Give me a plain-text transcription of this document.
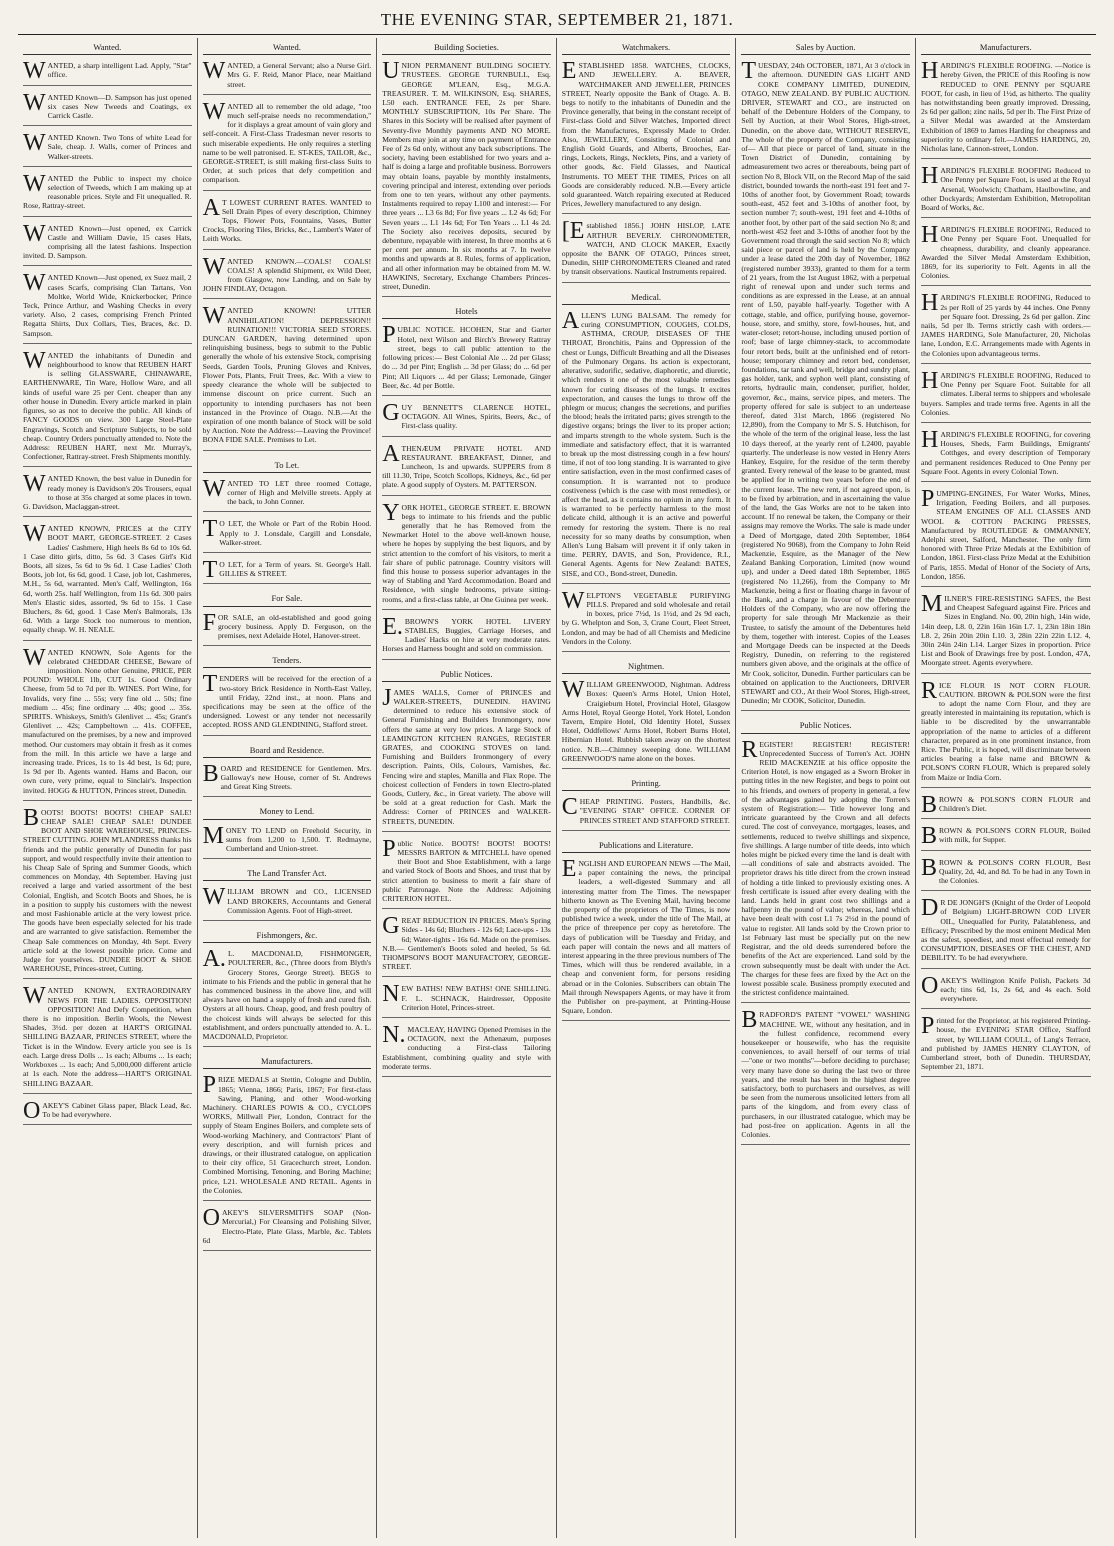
THE EVENING STAR, SEPTEMBER 21, 1871.
Wanted.
WANTED, a sharp intelligent Lad. Apply, "Star" office.
WANTED Known—D. Sampson has just opened six cases New Tweeds and Coatings, ex Carrick Castle.
WANTED Known. Two Tons of white Lead for Sale, cheap. J. Walls, corner of Princes and Walker-streets.
WANTED the Public to inspect my choice selection of Tweeds, which I am making up at reasonable prices. Style and Fit unequalled. R. Rose, Rattray-street.
WANTED Known—Just opened, ex Carrick Castle and William Davie, 15 cases Hats, comprising all the latest fashions. Inspection invited. D. Sampson.
WANTED Known—Just opened, ex Suez mail, 2 cases Scarfs, comprising Clan Tartans, Von Moltke, World Wide, Knickerbocker, Prince Teck, Prince Arthur, and Washing Checks in every variety. Also, 2 cases, comprising French Printed Regatta Shirts, Dux Collars, Ties, Braces, &c. D. Sampson.
WANTED the inhabitants of Dunedin and neighbourhood to know that REUBEN HART is selling GLASSWARE, CHINAWARE, EARTHENWARE, Tin Ware, Hollow Ware, and all kinds of useful ware 25 per Cent. cheaper than any other house in Dunedin. Every article marked in plain figures, so as not to deceive the public. All kinds of FANCY GOODS on view. 300 Large Steel-Plate Engravings, Scotch and Scripture Subjects, to be sold cheap. Country Orders punctually attended to. Note the Address: REUBEN HART, next Mr. Murray's, Confectioner, Rattray-street. Fresh Shipments monthly.
WANTED Known, the best value in Dunedin for ready money is Davidson's 20s Trousers, equal to those at 35s charged at some places in town. G. Davidson, Maclaggan-street.
WANTED KNOWN, PRICES at the CITY BOOT MART, GEORGE-STREET. 2 Cases Ladies' Cashmere, High heels 8s 6d to 10s 6d. 1 Case ditto girls, ditto, 5s 6d. 3 Cases Girl's Kid Boots, all sizes, 5s 6d to 9s 6d. 1 Case Ladies' Cloth Boots, job lot, 6s 6d, good. 1 Case, job lot, Cashmeres, M.H., 5s 6d, warranted. Men's Calf, Wellington, 16s 6d, worth 25s. half Wellington, from 11s 6d. 300 pairs Men's Elastic sides, assorted, 9s 6d to 15s. 1 Case Bluchers, 8s 6d, good. 1 Case Men's Balmorals, 13s 6d. With a large Stock too numerous to mention, equally cheap. W. H. NEALE.
WANTED KNOWN, Sole Agents for the celebrated CHEDDAR CHEESE, Beware of imposition. None other Genuine, PRICE, PER POUND: WHOLE 1lb, CUT 1s. Good Ordinary Cheese, from 5d to 7d per lb. WINES. Port Wine, for Invalids, very fine ... 55s; very fine old ... 50s; fine medium ... 45s; fine ordinary ... 40s; good ... 35s. SPIRITS. Whiskeys, Smith's Glenlivet ... 45s; Grant's Glenlivet ... 42s; Campbeltown ... 41s. COFFEE, manufactured on the premises, by a new and improved method. Our customers may obtain it fresh as it comes from the mill. In this article we have a large and increasing trade. Prices, 1s to 1s 4d best, 1s 6d; pure, 1s 9d per lb. Agents wanted. Hams and Bacon, our own cure, very prime, equal to Sinclair's. Inspection invited. HOGG & HUTTON, Princes street, Dunedin.
BOOTS! BOOTS! BOOTS! CHEAP SALE! CHEAP SALE! CHEAP SALE! DUNDEE BOOT AND SHOE WAREHOUSE, PRINCES-STREET CUTTING. JOHN M'LANDRESS thanks his friends and the public generally of Dunedin for past support, and would respectfully invite their attention to his Cheap Sale of Spring and Summer Goods, which commences on Monday, 4th September. Having just received a large and varied assortment of the best Colonial, English, and Scotch Boots and Shoes, he is in a position to supply his customers with the newest and most Fashionable article at the very lowest price. The goods have been especially selected for his trade and are warranted to give satisfaction. Remember the Cheap Sale commences on Monday, 4th Sept. Every article sold at the lowest possible price. Come and Judge for yourselves. DUNDEE BOOT & SHOE WAREHOUSE, Princes-street, Cutting.
WANTED KNOWN, EXTRAORDINARY NEWS FOR THE LADIES. OPPOSITION! OPPOSITION! And Defy Competition, when there is no imposition. Berlin Wools, the Newest Shades, 3½d. per dozen at HART'S ORIGINAL SHILLING BAZAAR, PRINCES STREET, where the Ticket is in the Window. Every article you see is 1s each. Large dress Dolls ... 1s each; Albums ... 1s each; Workboxes ... 1s each; And 5,000,000 different article at 1s each. Note the address—HART'S ORIGINAL SHILLING BAZAAR.
OAKEY'S Cabinet Glass paper, Black Lead, &c. To be had everywhere.
Wanted.
WANTED, a General Servant; also a Nurse Girl. Mrs G. F. Reid, Manor Place, near Maitland street.
WANTED all to remember the old adage, "too much self-praise needs no recommendation," for it displays a great amount of vain glory and self-conceit. A First-Class Tradesman never resorts to such miserable expedients. He only requires a sterling name to be well patronised. E. ST-KES, TAILOR, &c., GEORGE-STREET, is still making first-class Suits to Order, at such prices that defy competition and comparison.
AT LOWEST CURRENT RATES. WANTED to Sell Drain Pipes of every description, Chimney Tops, Flower Pots, Fountains, Vases, Butter Crocks, Flooring Tiles, Bricks, &c., Lambert's Water of Leith Works.
WANTED KNOWN.—COALS! COALS! COALS! A splendid Shipment, ex Wild Deer, from Glasgow, now Landing, and on Sale by JOHN FINDLAY, Octagon.
WANTED KNOWN! UTTER ANNIHILATION! DEPRESSION!! RUINATION!!! VICTORIA SEED STORES. DUNCAN GARDEN, having determined upon relinquishing business, begs to submit to the Public generally the whole of his extensive Stock, comprising Seeds, Garden Tools, Pruning Gloves and Knives, Flower Pots, Plants, Fruit Trees, &c. With a view to speedy clearance the whole will be subjected to immense discount on price current. Such an opportunity to intending purchasers has not been instanced in the Province of Otago. N.B.—At the expiration of one month balance of Stock will be sold by Auction. Note the Address:—Leaving the Province! BONA FIDE SALE. Premises to Let.
To Let.
WANTED TO LET three roomed Cottage, corner of High and Melville streets. Apply at the back, to John Conner.
TO LET, the Whole or Part of the Robin Hood. Apply to J. Lonsdale, Cargill and Lonsdale, Walker-street.
TO LET, for a Term of years. St. George's Hall. GILLIES & STREET.
For Sale.
FOR SALE, an old-established and good going grocery business. Apply D. Ferguson, on the premises, next Adelaide Hotel, Hanover-street.
Tenders.
TENDERS will be received for the erection of a two-story Brick Residence in North-East Valley, until Friday, 22nd inst., at noon. Plans and specifications may be seen at the office of the undersigned. Lowest or any tender not necessarily accepted. ROSS AND GLENDINING, Stafford street.
Board and Residence.
BOARD and RESIDENCE for Gentlemen. Mrs. Galloway's new House, corner of St. Andrews and Great King Streets.
Money to Lend.
MONEY TO LEND on Freehold Security, in sums from 1,200 to 1,500. T. Redmayne, Cumberland and Union-street.
The Land Transfer Act.
WILLIAM BROWN and CO., LICENSED LAND BROKERS, Accountants and General Commission Agents. Foot of High-street.
Fishmongers, &c.
A.L. MACDONALD, FISHMONGER, POULTERER, &c., (Three doors from Blyth's Grocery Stores, George Street). BEGS to intimate to his Friends and the public in general that he has commenced business in the above line, and will always have on hand a supply of fresh and cured fish. Oysters at all hours. Cheap, good, and fresh poultry of the choicest kinds will always be selected for this establishment, and orders punctually attended to. A. L. MACDONALD, Proprietor.
Manufacturers.
PRIZE MEDALS at Stettin, Cologne and Dublin, 1865; Vienna, 1866; Paris, 1867; For first-class Sawing, Planing, and other Wood-working Machinery. CHARLES POWIS & CO., CYCLOPS WORKS, Millwall Pier, London, Contract for the supply of Steam Engines Boilers, and complete sets of Wood-working Machinery, and Contractors' Plant of every description, and will furnish prices and drawings, or their illustrated catalogue, on application to their city office, 51 Gracechurch street, London. Combined Mortising, Tenoning, and Boring Machine; price, L21. WHOLESALE AND RETAIL. Agents in the Colonies.
OAKEY'S SILVERSMITH'S SOAP (Non-Mercurial,) For Cleansing and Polishing Silver, Electro-Plate, Plate Glass, Marble, &c. Tablets 6d
Building Societies.
UNION PERMANENT BUILDING SOCIETY. TRUSTEES. GEORGE TURNBULL, Esq. GEORGE M'LEAN, Esq., M.G.A. TREASURER. T. M. WILKINSON, Esq. SHARES, L50 each. ENTRANCE FEE, 2s per Share. MONTHLY SUBSCRIPTION, 10s Per Share. The Shares in this Society will be realised after payment of Seventy-five Monthly payments AND NO MORE. Members may join at any time on payment of Entrance Fee of 2s 6d only, without any back subscriptions. The society, having been established for two years and a-half is doing a large and profitable business. Borrowers may obtain loans, payable by monthly instalments, covering principal and interest, extending over periods from one to ten years, without any other payments. Instalments required to repay L100 and interest:— For three years ... L3 6s 8d; For five years ... L2 4s 6d; For Seven years ... L1 14s 6d; For Ten Years ... L1 4s 2d. The Society also receives deposits, secured by debenture, repayable with interest, In three months at 6 per cent per annum. In six months at 7. In twelve months and upwards at 8. Rules, forms of application, and all other information may be obtained from M. W. HAWKINS, Secretary, Exchange Chambers Princes-street, Dunedin.
Hotels
PUBLIC NOTICE. HCOHEN, Star and Garter Hotel, next Wilson and Birch's Brewery Rattray street, begs to call public attention to the following prices:— Best Colonial Ale ... 2d per Glass; do ... 3d per Pint; English ... 3d per Glass; do ... 6d per Pint; All Liquors ... 4d per Glass; Lemonade, Ginger Beer, &c. 4d per Bottle.
GUY BENNETT'S CLARENCE HOTEL, OCTAGON. All Wines, Spirits, Beers, &c., of First-class quality.
ATHENÆUM PRIVATE HOTEL AND RESTAURANT. BREAKFAST, Dinner, and Luncheon, 1s and upwards. SUPPERS from 8 till 11.30, Tripe, Scotch Scollops, Kidneys, &c., 6d per plate. A good supply of Oysters. M. PATTERSON.
YORK HOTEL, GEORGE STREET. E. BROWN begs to intimate to his friends and the public generally that he has Removed from the Newmarket Hotel to the above well-known house, where he hopes by supplying the best liquors, and by strict attention to the comfort of his visitors, to merit a fair share of public patronage. Country visitors will find this house to possess superior advantages in the way of Stabling and Yard Accommodation. Board and Residence, with single bedrooms, private sitting-rooms, and a first-class table, at One Guinea per week.
E.BROWN'S YORK HOTEL LIVERY STABLES, Buggies, Carriage Horses, and Ladies' Hacks on hire at very moderate rates. Horses and Harness bought and sold on commission.
Public Notices.
JAMES WALLS, Corner of PRINCES and WALKER-STREETS, DUNEDIN. HAVING determined to reduce his extensive stock of General Furnishing and Builders Ironmongery, now offers the same at very low prices. A large Stock of LEAMINGTON KITCHEN RANGES, REGISTER GRATES, and COOKING STOVES on land. Furnishing and Builders Ironmongery of every description. Paints, Oils, Colours, Varnishes, &c. Fencing wire and staples, Manilla and Flax Rope. The choicest collection of Fenders in town Electro-plated Goods, Cutlery, &c., in Great variety. The above will be sold at a great reduction for Cash. Mark the Address: Corner of PRINCES and WALKER-STREETS, DUNEDIN.
Public Notice. BOOTS! BOOTS! BOOTS! MESSRS BARTON & MITCHELL have opened their Boot and Shoe Establishment, with a large and varied Stock of Boots and Shoes, and trust that by strict attention to business to merit a fair share of public Patronage. Note the Address: Adjoining CRITERION HOTEL.
GREAT REDUCTION IN PRICES. Men's Spring Sides - 14s 6d; Bluchers - 12s 6d; Lace-ups - 13s 6d; Water-tights - 16s 6d. Made on the premises. N.B.— Gentlemen's Boots soled and heeled, 5s 6d. THOMPSON'S BOOT MANUFACTORY, GEORGE-STREET.
NEW BATHS! NEW BATHS! ONE SHILLING. F. L. SCHNACK, Hairdresser, Opposite Criterion Hotel, Princes-street.
N.MACLEAY, HAVING Opened Premises in the OCTAGON, next the Athenæum, purposes conducting a First-class Tailoring Establishment, combining quality and style with moderate terms.
Watchmakers.
ESTABLISHED 1858. WATCHES, CLOCKS, AND JEWELLERY. A. BEAVER, WATCHMAKER AND JEWELLER, PRINCES STREET, Nearly opposite the Bank of Otago. A. B. begs to notify to the inhabitants of Dunedin and the Province generally, that being in the constant receipt of First-class Gold and Silver Watches, Imported direct from the Manufactures, Expressly Made to Order. Also, JEWELLERY, Consisting of Colonial and English Gold Guards, and Alberts, Brooches, Ear-rings, Lockets, Rings, Necklets, Pins, and a variety of other goods, &c. Field Glasses, and Nautical Instruments. TO MEET THE TIMES, Prices on all Goods are considerably reduced. N.B.—Every article sold guaranteed. Watch repairing executed at Reduced Prices, Jewellery manufactured to any design.
[Established 1856.] JOHN HISLOP, LATE ARTHUR BEVERLY. CHRONOMETER, WATCH, AND CLOCK MAKER, Exactly opposite the BANK OF OTAGO, Princes street, Dunedin, SHIP CHRONOMETERS Cleaned and rated by transit observations. Nautical Instruments repaired.
Medical.
ALLEN'S LUNG BALSAM. The remedy for curing CONSUMPTION, COUGHS, COLDS, ASTHMA, CROUP, DISEASES OF THE THROAT, Bronchitis, Pains and Oppression of the chest or Lungs, Difficult Breathing and all the Diseases of the Pulmonary Organs. Its action is expectorant, alterative, sudorific, sedative, diaphoretic, and diuretic, which renders it one of the most valuable remedies known for curing diseases of the lungs. It excites expectoration, and causes the lungs to throw off the phlegm or mucus; changes the secretions, and purifies the blood; heals the irritated parts; gives strength to the digestive organs; brings the liver to its proper action; and imparts strength to the whole system. Such is the immediate and satisfactory effect, that it is warranted to break up the most distressing cough in a few hours' time, if not of too long standing. It is warranted to give entire satisfaction, even in the most confirmed cases of consumption. It is warranted not to produce costiveness (which is the case with most remedies), or affect the head, as it contains no opium in any form. It is warranted to be perfectly harmless to the most delicate child, although it is an active and powerful remedy for restoring the system. There is no real necessity for so many deaths by consumption, when Allen's Lung Balsam will prevent it if only taken in time. PERRY, DAVIS, and Son, Providence, R.I., General Agents. Agents for New Zealand: BATES, SISE, and CO., Bond-street, Dunedin.
WELPTON'S VEGETABLE PURIFYING PILLS. Prepared and sold wholesale and retail in boxes, price 7½d, 1s 1½d, and 2s 9d each, by G. Whelpton and Son, 3, Crane Court, Fleet Street, London, and may be had of all Chemists and Medicine Vendors in the Colony.
Nightmen.
WILLIAM GREENWOOD, Nightman. Address Boxes: Queen's Arms Hotel, Union Hotel, Craigieburn Hotel, Provincial Hotel, Glasgow Arms Hotel, Royal George Hotel, York Hotel, London Tavern, Empire Hotel, Old Identity Hotel, Sussex Hotel, Oddfellows' Arms Hotel, Robert Burns Hotel, Hibernian Hotel. Rubbish taken away on the shortest notice. N.B.—Chimney sweeping done. WILLIAM GREENWOOD'S name alone on the boxes.
Printing.
CHEAP PRINTING. Posters, Handbills, &c. "EVENING STAR" OFFICE. CORNER OF PRINCES STREET AND STAFFORD STREET.
Publications and Literature.
ENGLISH AND EUROPEAN NEWS —The Mail, a paper containing the news, the principal leaders, a well-digested Summary and all interesting matter from The Times. The newspaper hitherto known as The Evening Mail, having become the property of the proprietors of The Times, is now published twice a week, under the title of The Mail, at the price of threepence per copy as heretofore. The days of publication will be Tuesday and Friday, and each paper will contain the news and all matters of interest appearing in the three previous numbers of The Times, which will thus be rendered available, in a cheap and convenient form, for persons residing abroad or in the Colonies. Subscribers can obtain The Mail through Newspapers Agents, or may have it from the Publisher on pre-payment, at Printing-House Square, London.
Sales by Auction.
TUESDAY, 24th OCTOBER, 1871, At 3 o'clock in the afternoon. DUNEDIN GAS LIGHT AND COKE COMPANY LIMITED, DUNEDIN, OTAGO, NEW ZEALAND. BY PUBLIC AUCTION. DRIVER, STEWART and CO., are instructed on behalf of the Debenture Holders of the Company, to Sell by Auction, at their Wool Stores, High-street, Dunedin, on the above date, WITHOUT RESERVE, The whole of the property of the Company, consisting of— All that piece or parcel of land, situate in the Town District of Dunedin, containing by admeasurement two acres or thereabouts, being part of section No 8, Block VII, on the Record Map of the said district, bounded towards the north-east 191 feet and 7-10ths of another foot, by Government Road; towards south-east, 452 feet and 3-10ths of another foot, by section number 7; south-west, 191 feet and 4-10ths of another foot, by other part of the said section No 8; and north-west 452 feet and 3-10ths of another foot by the Government road through the said section No 8; which said piece or parcel of land is held by the Company under a lease dated the 20th day of November, 1862 (registered number 3933), granted to them for a term of 21 years, from the 1st August 1862, with a perpetual right of renewal upon and under such terms and conditions as are expressed in the Lease, at an annual rent of L50, payable half-yearly. Together with A cottage, stable, and office, purifying house, governor-house, store, and smithy, store, fowl-houses, hut, and water-closet; retort-house, including unused portion of roof; base of large chimney-stack, to accommodate four retort beds, built at the unfinished end of retort-house; temporary chimney and retort bed, condenser, foundations, tar tank and well, bridge and sundry plant, gas holder, tank, and syphon well plant, consisting of retorts, hydraulic main, condenser, purifier, holder, governor, &c., mains, service pipes, and meters. The property offered for sale is subject to an undertease thereof, dated 31st March, 1866 (registered No 12,890), from the Company to Mr S. S. Hutchison, for the whole of the term of the original lease, less the last 10 days thereof, at the yearly rent of L2400, payable quarterly. The underlease is now vested in Henry Aters Hankey, Esquire, for the residue of the term thereby granted. Every renewal of the lease to be granted, must be applied for in writing two years before the end of the current lease. The new rent, if not agreed upon, is to be fixed by arbitration, and in ascertaining the value of the land, the Gas Works are not to be taken into account. If no renewal be taken, the Company or their assigns may remove the Works. The sale is made under a Deed of Mortgage, dated 20th September, 1864 (registered No 9068), from the Company to John Reid Mackenzie, Esquire, as the Manager of the New Zealand Banking Corporation, Limited (now wound up), and under a Deed dated 18th September, 1865 (registered No 11,266), from the Company to Mr Mackenzie, being a first or floating charge in favour of the Bank, and a charge in favour of the Debenture Holders of the Company, who are now offering the property for sale through Mr Mackenzie as their Trustee, to satisfy the amount of the Debentures held by them, together with interest. Copies of the Leases and Mortgage Deeds can be inspected at the Deeds Registry, Dunedin, on referring to the registered numbers given above, and the originals at the office of Mr Cook, solicitor, Dunedin. Further particulars can be obtained on application to the Auctioneers, DRIVER STEWART and CO., At their Wool Stores, High-street, Dunedin; Mr COOK, Solicitor, Dunedin.
Public Notices.
REGISTER! REGISTER! REGISTER! Unprecedented Success of Torren's Act. JOHN REID MACKENZIE at his office opposite the Criterion Hotel, is now engaged as a Sworn Broker in putting titles in the new Register, and begs to point out to his friends, and owners of property in general, a few of the advantages gained by adopting the Torren's system of Registration:— Title however long and intricate guaranteed by the Crown and all defects cured. The cost of conveyance, mortgages, leases, and settlements, reduced to twelve shillings and sixpence, five shillings. A large number of title deeds, into which holes might be picked every time the land is dealt with—all conditions of sale and abstracts avoided. The proprietor draws his title direct from the crown instead of holding a title linked to previously existing ones. A fresh certificate is issued after every dealing with the land. Lands held in grant cost two shillings and a halfpenny in the pound of value; whereas, land which have been dealt with cost L1 7s 2½d in the pound of value to register. All lands sold by the Crown prior to 1st February last must be specially put on the new Registrar, and the old deeds surrendered before the benefits of the Act are experienced. Land sold by the crown subsequently must be dealt with under the Act. The charges for these fees are fixed by the Act on the lowest possible scale. Business promptly executed and the strictest confidence maintained.
BRADFORD'S PATENT "VOWEL" WASHING MACHINE. WE, without any hesitation, and in the fullest confidence, recommend every housekeeper or housewife, who has the requisite conveniences, to avail herself of our terms of trial—"one or two months"—before deciding to purchase; very many have done so during the last two or three years, and the result has been in the highest degree satisfactory, both to purchasers and ourselves, as will be seen from the numerous unsolicited letters from all parts of the kingdom, and from every class of purchasers, in our illustrated catalogue, which may be had post-free on application. Agents in all the Colonies.
Manufacturers.
HARDING'S FLEXIBLE ROOFING. —Notice is hereby Given, the PRICE of this Roofing is now REDUCED to ONE PENNY per SQUARE FOOT, for cash, in lieu of 1½d, as hitherto. The quality has notwithstanding been greatly improved. Dressing, 2s 6d per gallon; zinc nails, 5d per lb. The First Prize of a Silver Medal was awarded at the Amsterdam Exhibition of 1869 to James Harding for cheapness and superiority to ordinary felt.—JAMES HARDING, 20, Nicholas lane, Cannon-street, London.
HARDING'S FLEXIBLE ROOFING Reduced to One Penny per Square Foot, is used at the Royal Arsenal, Woolwich; Chatham, Haulbowline, and other Dockyards; Amsterdam Exhibition, Metropolitan Board of Works, &c.
HARDING'S FLEXIBLE ROOFING, Reduced to One Penny per Square Foot. Unequalled for cheapness, durability, and cleanly appearance. Awarded the Silver Medal Amsterdam Exhibition, 1869, for its superiority to Felt. Agents in all the Colonies.
HARDING'S FLEXIBLE ROOFING, Reduced to 2s per Roll of 25 yards by 44 inches. One Penny per Square foot. Dressing, 2s 6d per gallon. Zinc nails, 5d per lb. Terms strictly cash with orders.—JAMES HARDING, Sole Manufacturer, 20, Nicholas lane, London, E.C. Arrangements made with Agents in the Colonies upon advantageous terms.
HARDING'S FLEXIBLE ROOFING, Reduced to One Penny per Square Foot. Suitable for all climates. Liberal terms to shippers and wholesale buyers. Samples and trade terms free. Agents in all the Colonies.
HARDING'S FLEXIBLE ROOFING, for covering Houses, Sheds, Farm Buildings, Emigrants' Cotthges, and every description of Temporary and permanent residences Reduced to One Penny per Square Foot. Agents in every Colonial Town.
PUMPING-ENGINES, For Water Works, Mines, Irrigation, Feeding Boilers, and all purposes. STEAM ENGINES OF ALL CLASSES AND WOOL & COTTON PACKING PRESSES, Manufactured by ROUTLEDGE & OMMANNEY, Adelphi street, Salford, Manchester. The only firm honored with Three Prize Medals at the Exhibition of London, 1861. First-class Prize Medal at the Exhibition of Paris, 1855. Medal of Honor of the Society of Arts, London, 1856.
MILNER'S FIRE-RESISTING SAFES, the Best and Cheapest Safeguard against Fire. Prices and Sizes in England. No. 00, 20in high, 14in wide, 14in deep, L8. 0, 22in 16in 16in L7. 1, 23in 18in 18in L8. 2, 26in 20in 20in L10. 3, 28in 22in 22in L12. 4, 30in 24in 24in L14. Larger Sizes in proportion. Price List and Book of Drawings free by post. London, 47A, Moorgate street. Agents everywhere.
RICE FLOUR IS NOT CORN FLOUR. CAUTION. BROWN & POLSON were the first to adopt the name Corn Flour, and they are greatly interested in maintaining its reputation, which is liable to be discredited by the unwarrantable appropriation of the name to articles of a different character, prepared as in one prominent instance, from Rice. The Public, it is hoped, will discriminate between articles bearing a false name and BROWN & POLSON'S CORN FLOUR, Which is prepared solely from Maize or India Corn.
BROWN & POLSON'S CORN FLOUR and Children's Diet.
BROWN & POLSON'S CORN FLOUR, Boiled with milk, for Supper.
BROWN & POLSON'S CORN FLOUR, Best Quality, 2d, 4d, and 8d. To be had in any Town in the Colonies.
DR DE JONGH'S (Knight of the Order of Leopold of Belgium) LIGHT-BROWN COD LIVER OIL, Unequalled for Purity, Palatableness, and Efficacy; Prescribed by the most eminent Medical Men as the safest, speediest, and most effectual remedy for CONSUMPTION, DISEASES OF THE CHEST, AND DEBILITY. To be had everywhere.
OAKEY'S Wellington Knife Polish, Packets 3d each; tins 6d, 1s, 2s 6d, and 4s each. Sold everywhere.
Printed for the Proprietor, at his registered Printing-house, the EVENING STAR Office, Stafford street, by WILLIAM COULL, of Lang's Terrace, and published by JAMES HENRY CLAYTON, of Cumberland street, both of Dunedin. THURSDAY, September 21, 1871.
